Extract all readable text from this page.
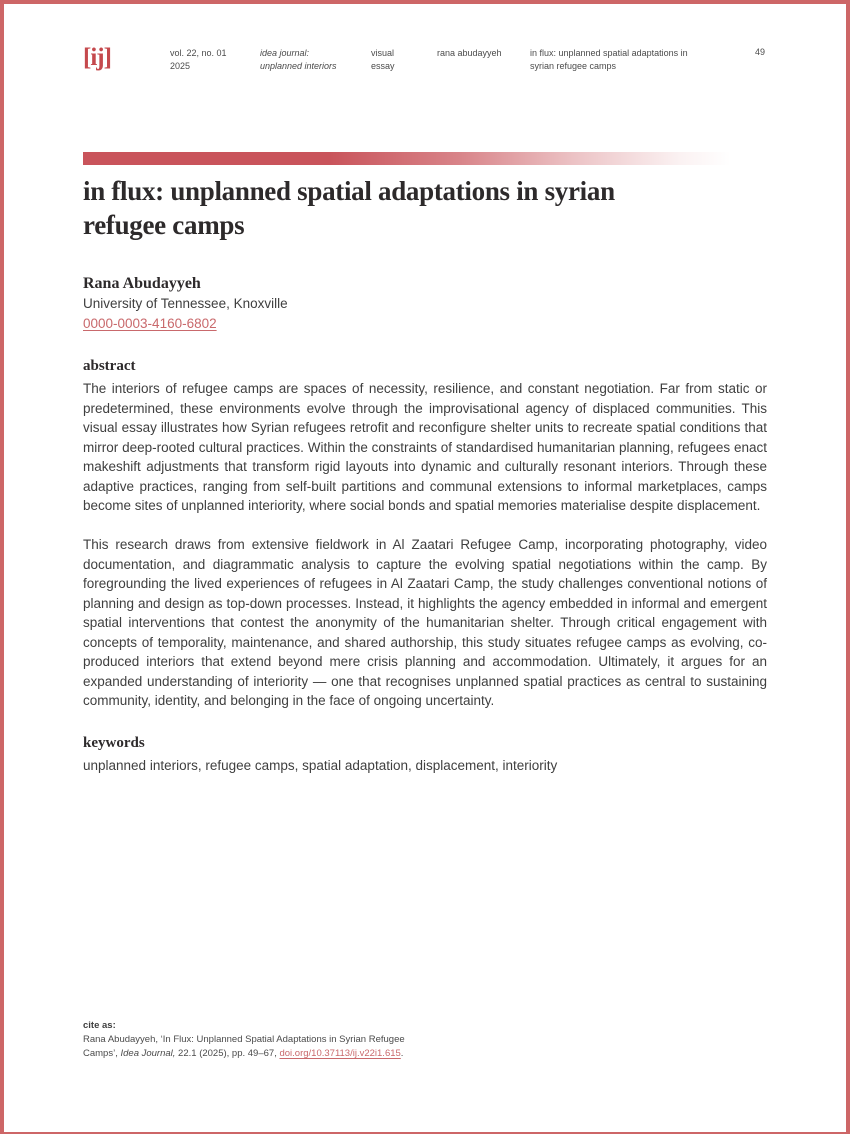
[ij]	vol. 22, no. 01
2025
idea journal:
unplanned interiors
visual
essay
rana abudayyeh	in flux: unplanned spatial adaptations in syrian refugee camps
49
in flux: unplanned spatial adaptations in syrian
refugee camps
Rana Abudayyeh
University of Tennessee, Knoxville
0000-0003-4160-6802
abstract

The interiors of refugee camps are spaces of necessity, resilience, and constant negotiation. Far from static or predetermined, these environments evolve through the improvisational agency of displaced communities. This visual essay illustrates how Syrian refugees retrofit and reconfigure shelter units to recreate spatial conditions that mirror deep-rooted cultural practices. Within the constraints of standardised humanitarian planning, refugees enact makeshift adjustments that transform rigid layouts into dynamic and culturally resonant interiors. Through these adaptive practices, ranging from self-built partitions and communal extensions to informal marketplaces, camps become sites of unplanned interiority, where social bonds and spatial memories materialise despite displacement.

This research draws from extensive fieldwork in Al Zaatari Refugee Camp, incorporating photography, video documentation, and diagrammatic analysis to capture the evolving spatial negotiations within the camp. By foregrounding the lived experiences of refugees in Al Zaatari Camp, the study challenges conventional notions of planning and design as top-down processes. Instead, it highlights the agency embedded in informal and emergent spatial interventions that contest the anonymity of the humanitarian shelter. Through critical engagement with concepts of temporality, maintenance, and shared authorship, this study situates refugee camps as evolving, co-produced interiors that extend beyond mere crisis planning and accommodation. Ultimately, it argues for an expanded understanding of interiority — one that recognises unplanned spatial practices as central to sustaining community, identity, and belonging in the face of ongoing uncertainty.

keywords

unplanned interiors, refugee camps, spatial adaptation, displacement, interiority

cite as:

Rana Abudayyeh, ‘In Flux: Unplanned Spatial Adaptations in Syrian Refugee Camps’, Idea Journal, 22.1 (2025), pp. 49–67, doi.org/10.37113/ij.v22i1.615.
